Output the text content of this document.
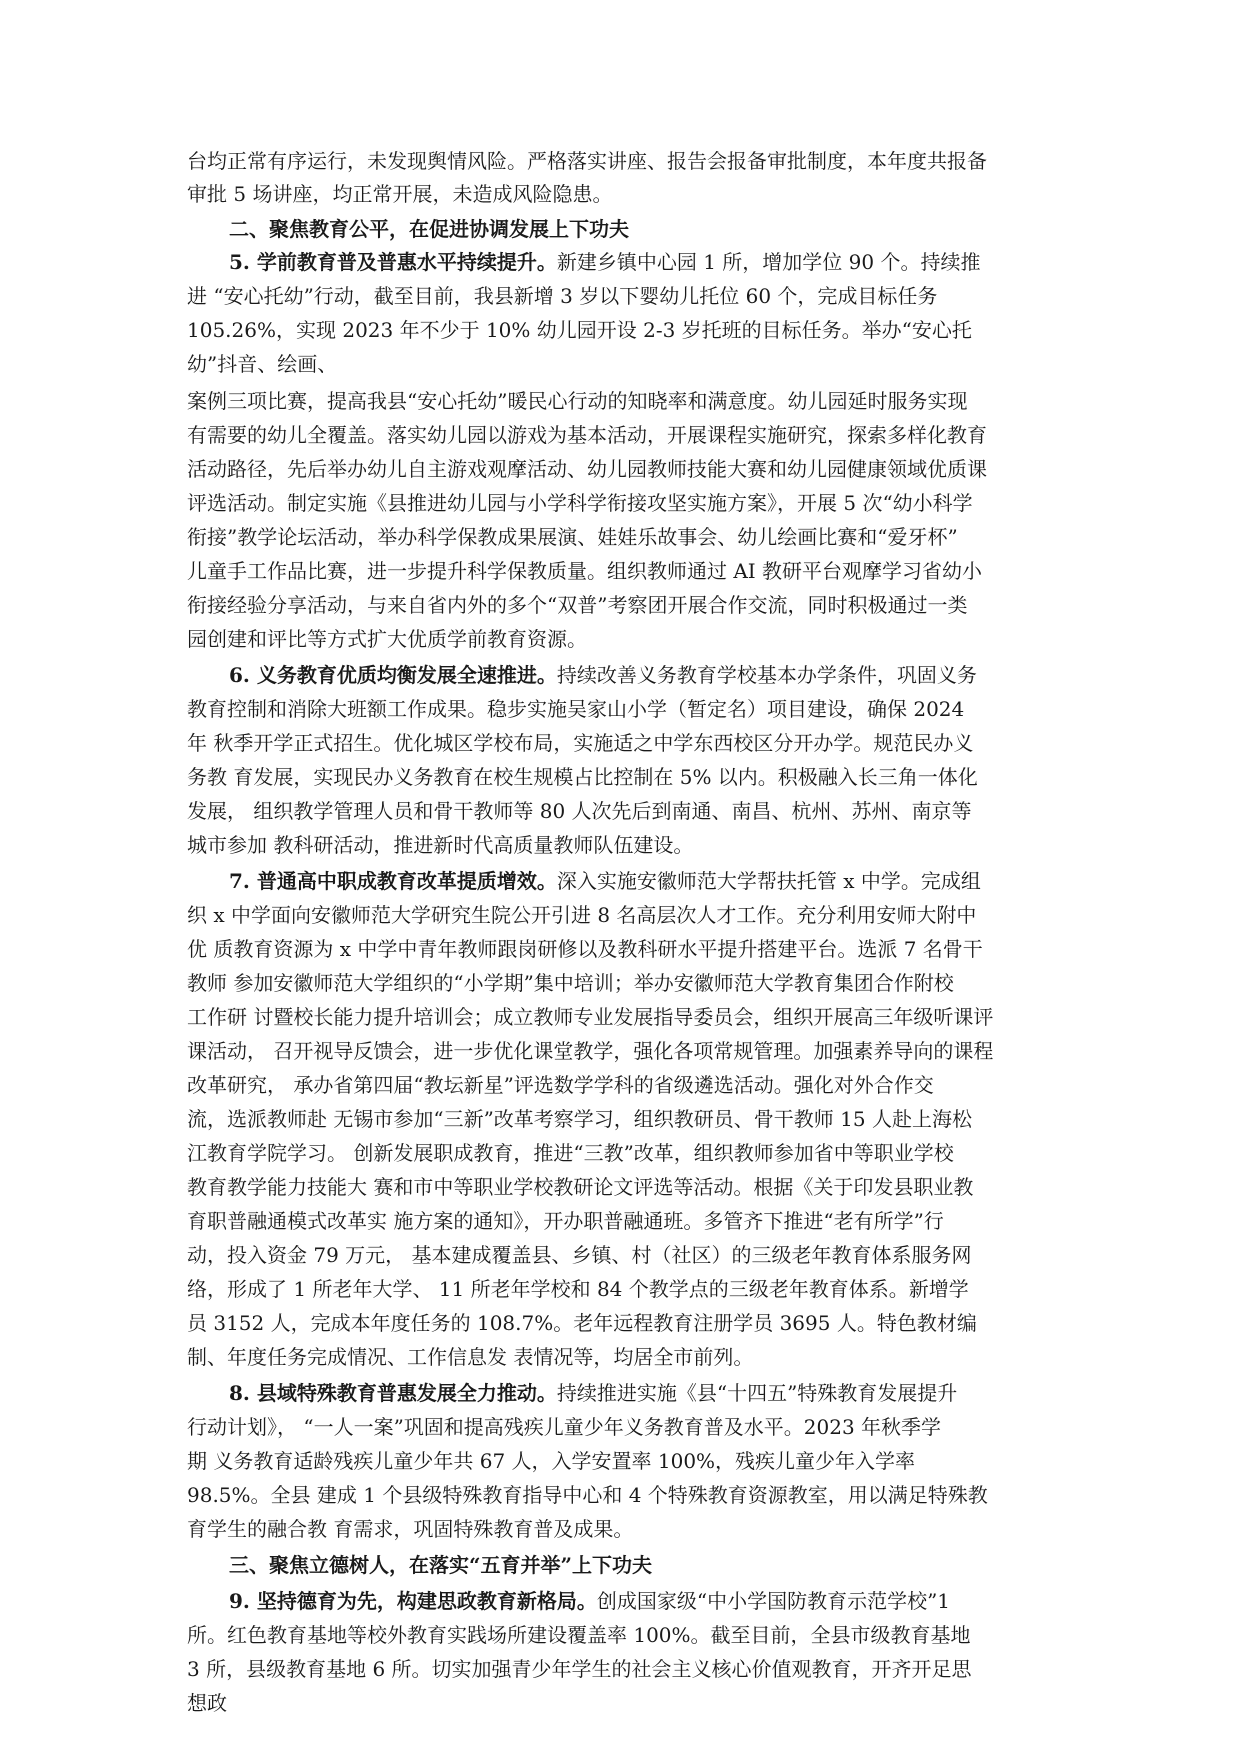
台均正常有序运行，未发现舆情风险。严格落实讲座、报告会报备审批制度，本年度共报备
审批 5 场讲座，均正常开展，未造成风险隐患。
二、聚焦教育公平，在促进协调发展上下功夫
5. 学前教育普及普惠水平持续提升。新建乡镇中心园 1 所，增加学位 90 个。持续推
进 “安心托幼”行动，截至目前，我县新增 3 岁以下婴幼儿托位 60 个，完成目标任务
105.26%，实现 2023 年不少于 10% 幼儿园开设 2-3 岁托班的目标任务。举办“安心托
幼”抖音、绘画、
案例三项比赛，提高我县“安心托幼”暖民心行动的知晓率和满意度。幼儿园延时服务实现
有需要的幼儿全覆盖。落实幼儿园以游戏为基本活动，开展课程实施研究，探索多样化教育
活动路径，先后举办幼儿自主游戏观摩活动、幼儿园教师技能大赛和幼儿园健康领域优质课
评选活动。制定实施《县推进幼儿园与小学科学衔接攻坚实施方案》，开展 5 次“幼小科学
衔接”教学论坛活动，举办科学保教成果展演、娃娃乐故事会、幼儿绘画比赛和“爱牙杯”
儿童手工作品比赛，进一步提升科学保教质量。组织教师通过 AI 教研平台观摩学习省幼小
衔接经验分享活动，与来自省内外的多个“双普”考察团开展合作交流，同时积极通过一类
园创建和评比等方式扩大优质学前教育资源。
6. 义务教育优质均衡发展全速推进。持续改善义务教育学校基本办学条件，巩固义务
教育控制和消除大班额工作成果。稳步实施吴家山小学（暂定名）项目建设，确保 2024
年 秋季开学正式招生。优化城区学校布局，实施适之中学东西校区分开办学。规范民办义
务教 育发展，实现民办义务教育在校生规模占比控制在 5% 以内。积极融入长三角一体化
发展， 组织教学管理人员和骨干教师等 80 人次先后到南通、南昌、杭州、苏州、南京等
城市参加 教科研活动，推进新时代高质量教师队伍建设。
7. 普通高中职成教育改革提质增效。深入实施安徽师范大学帮扶托管 x 中学。完成组
织 x 中学面向安徽师范大学研究生院公开引进 8 名高层次人才工作。充分利用安师大附中
优 质教育资源为 x 中学中青年教师跟岗研修以及教科研水平提升搭建平台。选派 7 名骨干
教师 参加安徽师范大学组织的“小学期”集中培训；举办安徽师范大学教育集团合作附校
工作研 讨暨校长能力提升培训会；成立教师专业发展指导委员会，组织开展高三年级听课评
课活动， 召开视导反馈会，进一步优化课堂教学，强化各项常规管理。加强素养导向的课程
改革研究， 承办省第四届“教坛新星”评选数学学科的省级遴选活动。强化对外合作交
流，选派教师赴 无锡市参加“三新”改革考察学习，组织教研员、骨干教师 15 人赴上海松
江教育学院学习。 创新发展职成教育，推进“三教”改革，组织教师参加省中等职业学校
教育教学能力技能大 赛和市中等职业学校教研论文评选等活动。根据《关于印发县职业教
育职普融通模式改革实 施方案的通知》，开办职普融通班。多管齐下推进“老有所学”行
动，投入资金 79 万元， 基本建成覆盖县、乡镇、村（社区）的三级老年教育体系服务网
络，形成了 1 所老年大学、 11 所老年学校和 84 个教学点的三级老年教育体系。新增学
员 3152 人，完成本年度任务的 108.7%。老年远程教育注册学员 3695 人。特色教材编
制、年度任务完成情况、工作信息发 表情况等，均居全市前列。
8. 县域特殊教育普惠发展全力推动。持续推进实施《县“十四五”特殊教育发展提升
行动计划》， “一人一案”巩固和提高残疾儿童少年义务教育普及水平。2023 年秋季学
期 义务教育适龄残疾儿童少年共 67 人，入学安置率 100%，残疾儿童少年入学率
98.5%。全县 建成 1 个县级特殊教育指导中心和 4 个特殊教育资源教室，用以满足特殊教
育学生的融合教 育需求，巩固特殊教育普及成果。
三、聚焦立德树人，在落实“五育并举”上下功夫
9. 坚持德育为先，构建思政教育新格局。创成国家级“中小学国防教育示范学校”1
所。红色教育基地等校外教育实践场所建设覆盖率 100%。截至目前，全县市级教育基地
3 所，县级教育基地 6 所。切实加强青少年学生的社会主义核心价值观教育，开齐开足思
想政
